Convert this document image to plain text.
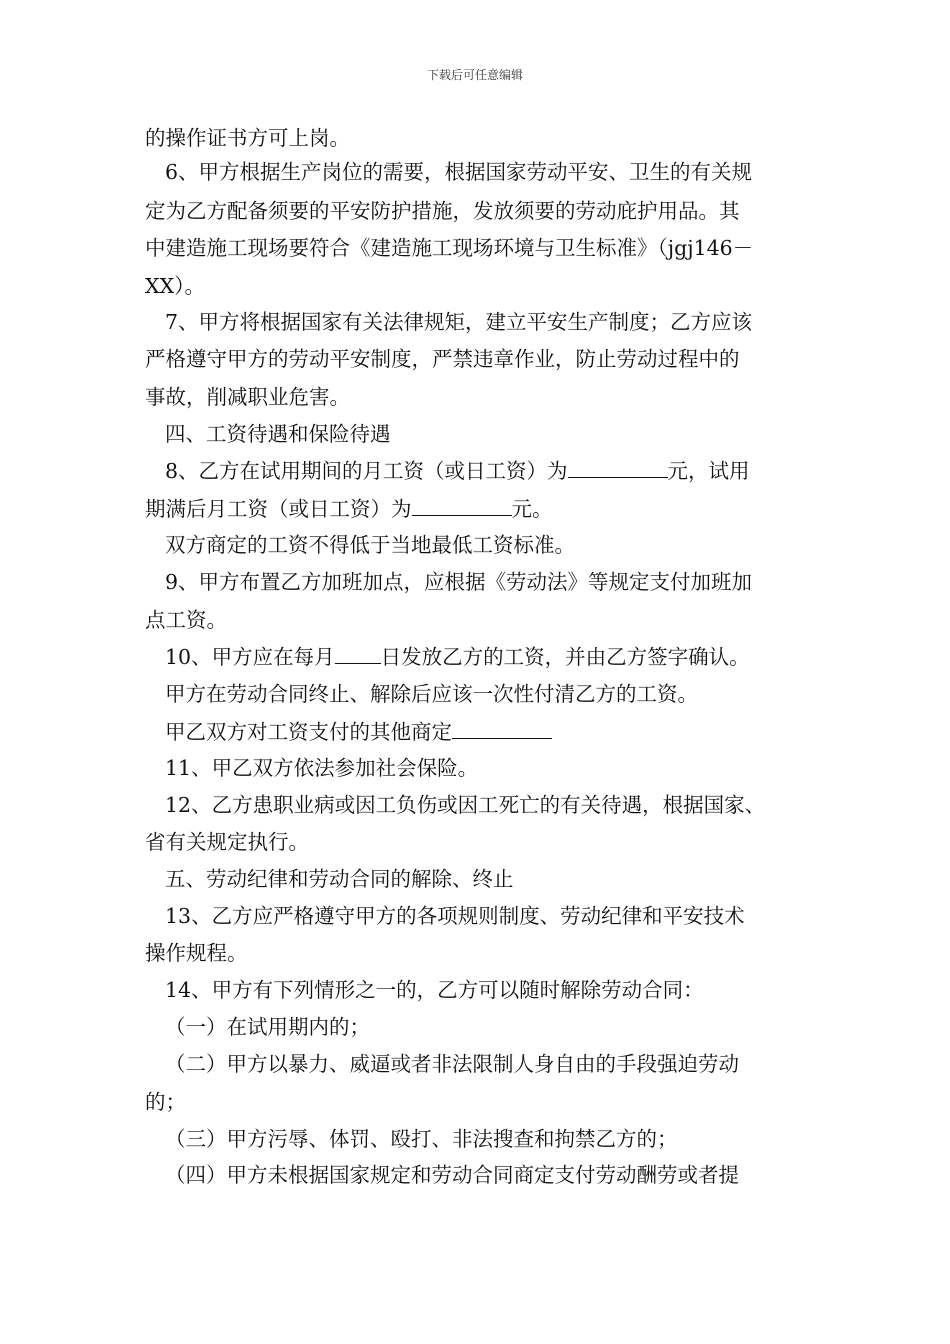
下载后可任意编辑
的操作证书方可上岗。
6、甲方根据生产岗位的需要，根据国家劳动平安、卫生的有关规
定为乙方配备须要的平安防护措施，发放须要的劳动庇护用品。其
中建造施工现场要符合《建造施工现场环境与卫生标准》（jgj146－
XX）。
7、甲方将根据国家有关法律规矩，建立平安生产制度；乙方应该
严格遵守甲方的劳动平安制度，严禁违章作业，防止劳动过程中的
事故，削减职业危害。
四、工资待遇和保险待遇
8、乙方在试用期间的月工资（或日工资）为	元，试用
期满后月工资（或日工资）为	元。
双方商定的工资不得低于当地最低工资标准。
9、甲方布置乙方加班加点，应根据《劳动法》等规定支付加班加
点工资。
10、甲方应在每月 日发放乙方的工资，并由乙方签字确认。
甲方在劳动合同终止、解除后应该一次性付清乙方的工资。
甲乙双方对工资支付的其他商定
11、甲乙双方依法参加社会保险。
12、乙方患职业病或因工负伤或因工死亡的有关待遇，根据国家、
省有关规定执行。
五、劳动纪律和劳动合同的解除、终止
13、乙方应严格遵守甲方的各项规则制度、劳动纪律和平安技术
操作规程。
14、甲方有下列情形之一的，乙方可以随时解除劳动合同：
（一）在试用期内的；
（二）甲方以暴力、威逼或者非法限制人身自由的手段强迫劳动
的；
（三）甲方污辱、体罚、殴打、非法搜查和拘禁乙方的；
（四）甲方未根据国家规定和劳动合同商定支付劳动酬劳或者提
